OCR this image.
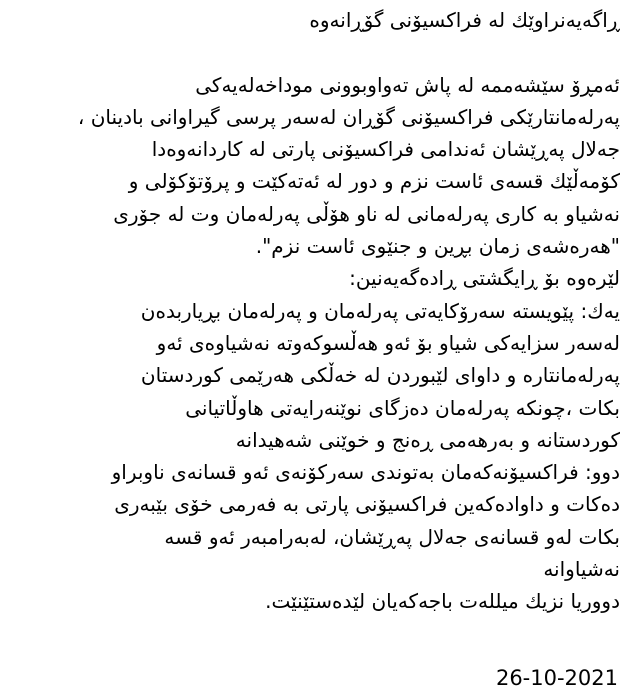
ڕاگەیەنراوێك لە فراكسیۆنی گۆڕانەوە
ئەمڕۆ سێشەممە لە پاش تەواوبوونی موداخەلەیەكی
پەرلەمانتارێكی فراكسیۆنی گۆڕان لەسەر پرسی گیراوانی بادینان ،
جەلال پەڕێشان ئەندامی فراكسیۆنی پارتی لە كاردانەوەدا
كۆمەڵێك قسەی ئاست نزم و دور لە ئەتەكێت و پرۆتۆكۆلی و
نەشیاو بە كاری پەرلەمانی لە ناو هۆڵی پەرلەمان وت لە جۆری
"هەرەشەی زمان بڕین و جنێوی ئاست نزم".
لێرەوە بۆ ڕایگشتی ڕادەگەیەنین:
یەك: پێویستە سەرۆكایەتی پەرلەمان و پەرلەمان بڕیاربدەن
لەسەر سزایەكی شیاو بۆ ئەو هەڵسوكەوتە نەشیاوەی ئەو
پەرلەمانتارە و داوای لێبوردن لە خەڵكی هەرێمی كوردستان
بكات ،چونكە پەرلەمان دەزگای نوێنەرایەتی هاوڵاتیانی
كوردستانە و بەرهەمی ڕەنج و خوێنی شەهیدانە
دوو: فراكسیۆنەكەمان بەتوندی سەركۆنەی ئەو قسانەی ناوبراو
دەكات و داوادەكەین فراكسیۆنی پارتی بە فەرمی خۆی بێبەری
بكات لەو قسانەی جەلال پەڕێشان، لەبەرامبەر ئەو قسە
نەشیاوانە
دووریا نزیك میللەت باجەكەیان لێدەستێنێت.
26-10-2021
